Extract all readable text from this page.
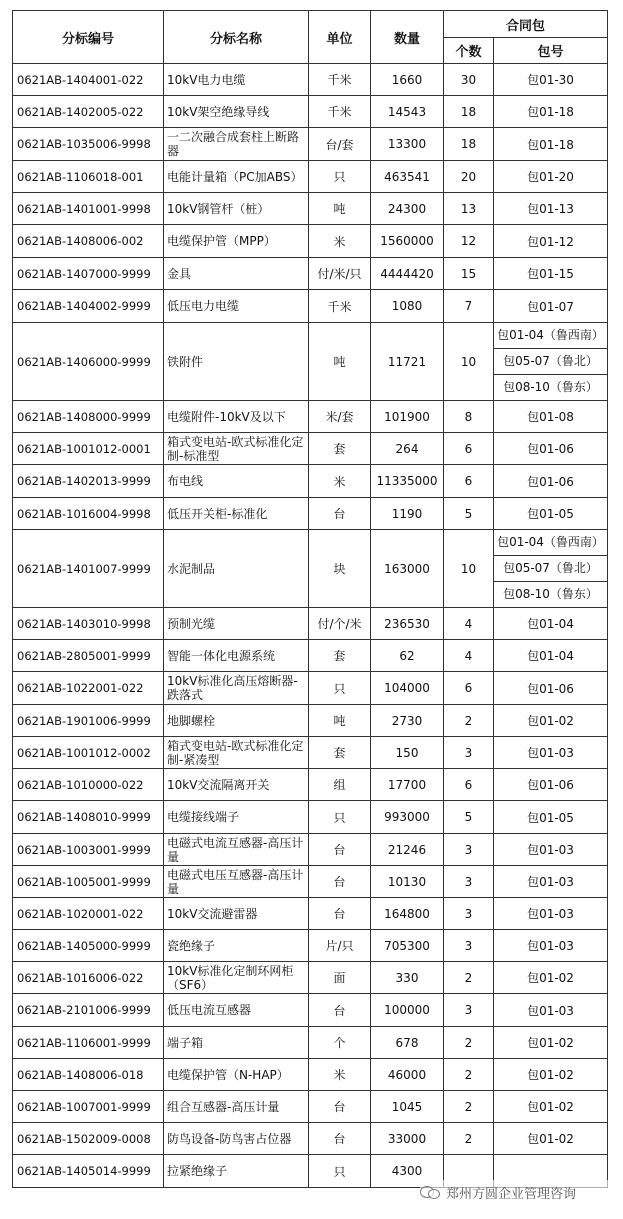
分标编号	分标名称	单位	数量	合同包	
				个数	包号
0621AB-1404001-022	10kV电力电缆	千米	1660	30	包01-30
0621AB-1402005-022	10kV架空绝缘导线	千米	14543	18	包01-18
0621AB-1035006-9998	一二次融合成套柱上断路器	台/套	13300	18	包01-18
0621AB-1106018-001	电能计量箱（PC加ABS）	只	463541	20	包01-20
0621AB-1401001-9998	10kV钢管杆（桩）	吨	24300	13	包01-13
0621AB-1408006-002	电缆保护管（MPP）	米	1560000	12	包01-12
0621AB-1407000-9999	金具	付/米/只	4444420	15	包01-15
0621AB-1404002-9999	低压电力电缆	千米	1080	7	包01-07
0621AB-1406000-9999	铁附件	吨	11721	10	包01-04（鲁西南）
包05-07（鲁北）
包08-10（鲁东）

0621AB-1408000-9999	电缆附件-10kV及以下	米/套	101900	8	包01-08
0621AB-1001012-0001	箱式变电站-欧式标准化定制-标准型	套	264	6	包01-06
0621AB-1402013-9999	布电线	米	11335000	6	包01-06
0621AB-1016004-9998	低压开关柜-标准化	台	1190	5	包01-05
0621AB-1401007-9999	水泥制品	块	163000	10	包01-04（鲁西南）
包05-07（鲁北）
包08-10（鲁东）

0621AB-1403010-9998	预制光缆	付/个/米	236530	4	包01-04
0621AB-2805001-9999	智能一体化电源系统	套	62	4	包01-04
0621AB-1022001-022	10kV标准化高压熔断器-跌落式	只	104000	6	包01-06
0621AB-1901006-9999	地脚螺栓	吨	2730	2	包01-02
0621AB-1001012-0002	箱式变电站-欧式标准化定制-紧凑型	套	150	3	包01-03
0621AB-1010000-022	10kV交流隔离开关	组	17700	6	包01-06
0621AB-1408010-9999	电缆接线端子	只	993000	5	包01-05
0621AB-1003001-9999	电磁式电流互感器-高压计量	台	21246	3	包01-03
0621AB-1005001-9999	电磁式电压互感器-高压计量	台	10130	3	包01-03
0621AB-1020001-022	10kV交流避雷器	台	164800	3	包01-03
0621AB-1405000-9999	瓷绝缘子	片/只	705300	3	包01-03
0621AB-1016006-022	10kV标准化定制环网柜（SF6）	面	330	2	包01-02
0621AB-2101006-9999	低压电流互感器	台	100000	3	包01-03
0621AB-1106001-9999	端子箱	个	678	2	包01-02
0621AB-1408006-018	电缆保护管（N-HAP）	米	46000	2	包01-02
0621AB-1007001-9999	组合互感器-高压计量	台	1045	2	包01-02
0621AB-1502009-0008	防鸟设备-防鸟害占位器	台	33000	2	包01-02
0621AB-1405014-9999	拉紧绝缘子	只	4300		
郑州方圆企业管理咨询
